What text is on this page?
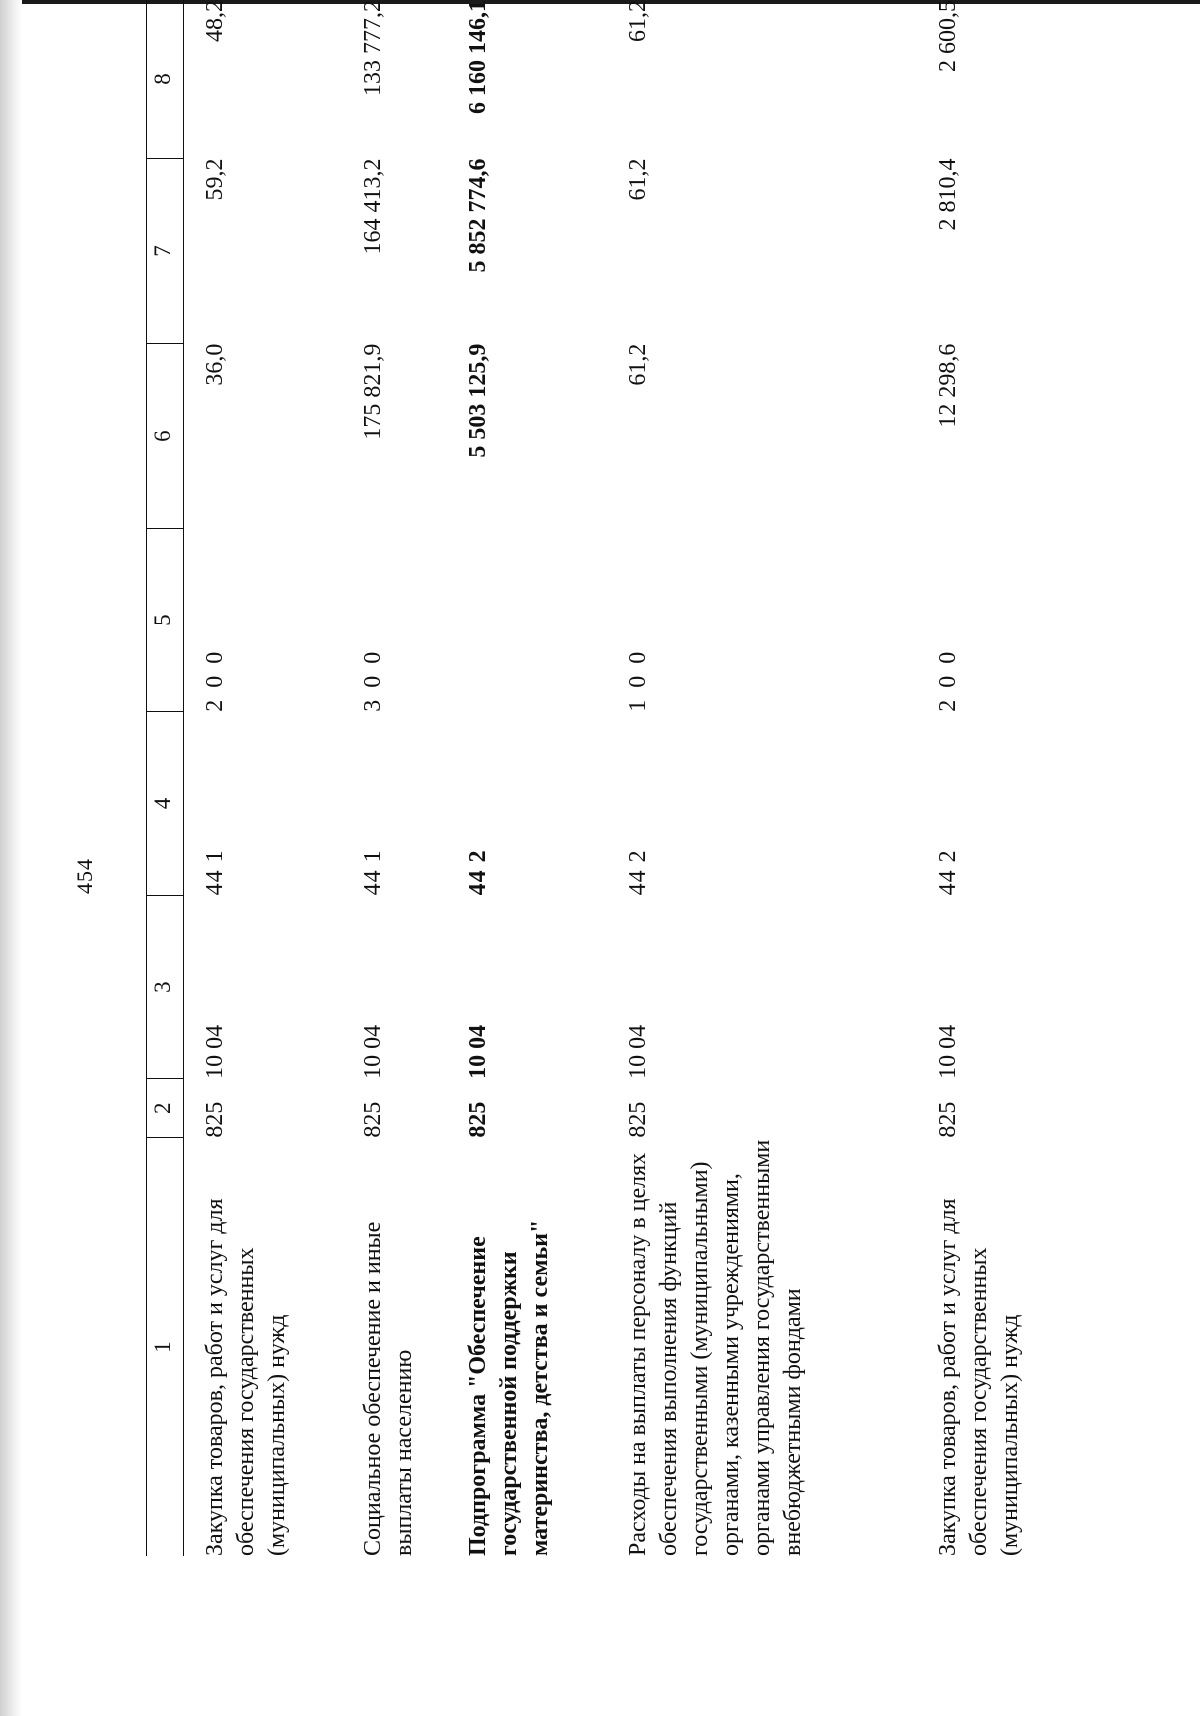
454
1	2	3	4	5	6	7	8
Закупка товаров, работ и услуг для обеспечения государственных (муниципальных) нужд	825	10 04	44 1	2 0 0	36,0	59,2	48,2
Социальное обеспечение и иные выплаты населению	825	10 04	44 1	3 0 0	175 821,9	164 413,2	133 777,2
Подпрограмма "Обеспечение государственной поддержки материнства, детства и семьи"	825	10 04	44 2		5 503 125,9	5 852 774,6	6 160 146,1
Расходы на выплаты персоналу в целях обеспечения выполнения функций государственными (муниципальными) органами, казенными учреждениями, органами управления государственными внебюджетными фондами	825	10 04	44 2	1 0 0	61,2	61,2	61,2
Закупка товаров, работ и услуг для обеспечения государственных (муниципальных) нужд	825	10 04	44 2	2 0 0	12 298,6	2 810,4	2 600,5
